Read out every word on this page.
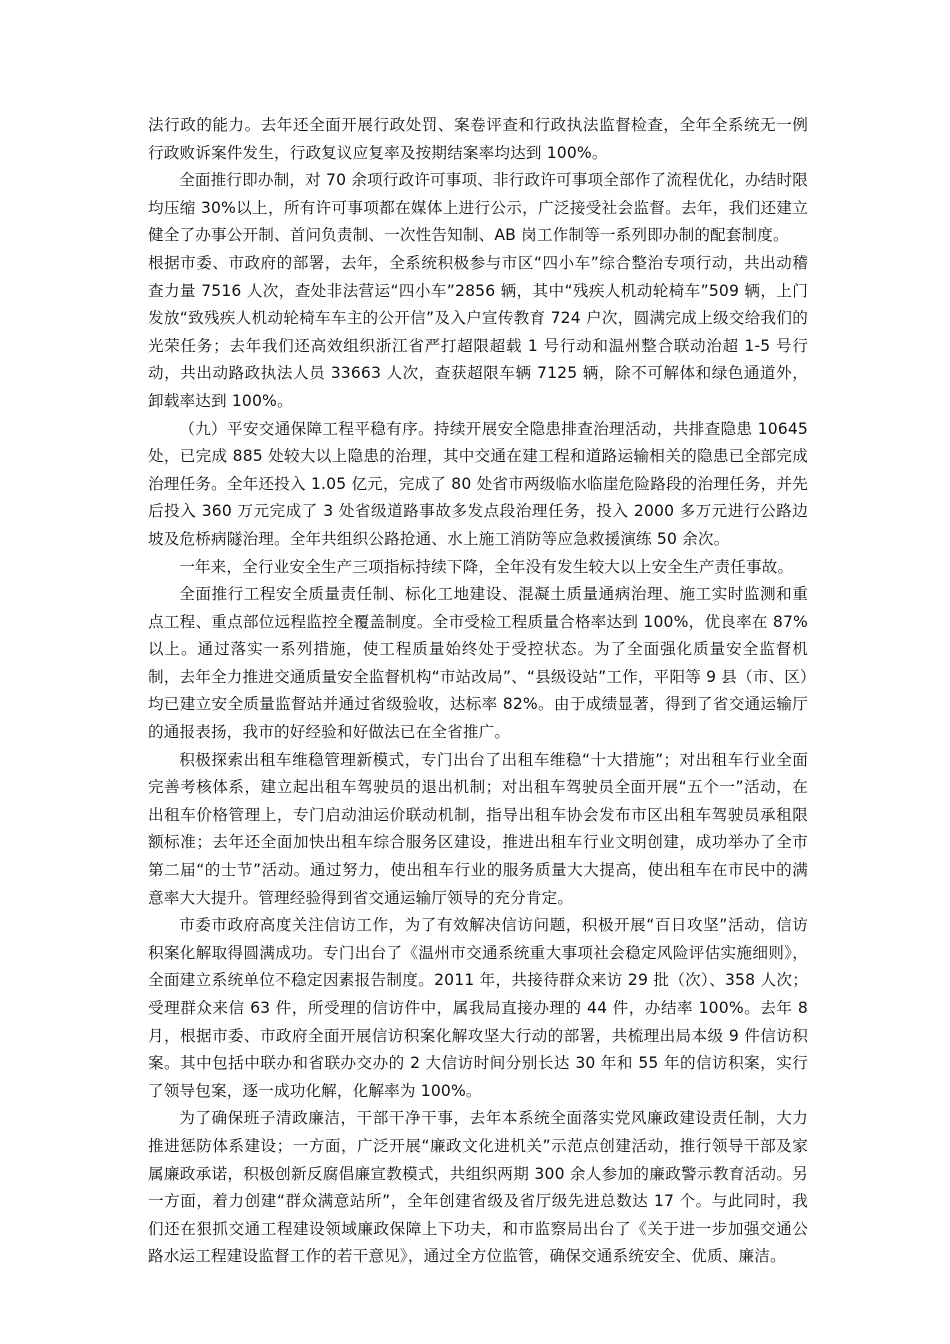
法行政的能力。去年还全面开展行政处罚、案卷评查和行政执法监督检查，全年全系统无一例行政败诉案件发生，行政复议应复率及按期结案率均达到 100%。

全面推行即办制，对 70 余项行政许可事项、非行政许可事项全部作了流程优化，办结时限均压缩 30%以上，所有许可事项都在媒体上进行公示，广泛接受社会监督。去年，我们还建立健全了办事公开制、首问负责制、一次性告知制、AB 岗工作制等一系列即办制的配套制度。

根据市委、市政府的部署，去年，全系统积极参与市区“四小车”综合整治专项行动，共出动稽查力量 7516 人次，查处非法营运“四小车”2856 辆，其中“残疾人机动轮椅车”509 辆，上门发放“致残疾人机动轮椅车车主的公开信”及入户宣传教育 724 户次，圆满完成上级交给我们的光荣任务；去年我们还高效组织浙江省严打超限超载 1 号行动和温州整合联动治超 1-5 号行动，共出动路政执法人员 33663 人次，查获超限车辆 7125 辆，除不可解体和绿色通道外，卸载率达到 100%。

（九）平安交通保障工程平稳有序。持续开展安全隐患排查治理活动，共排查隐患 10645 处，已完成 885 处较大以上隐患的治理，其中交通在建工程和道路运输相关的隐患已全部完成治理任务。全年还投入 1.05 亿元，完成了 80 处省市两级临水临崖危险路段的治理任务，并先后投入 360 万元完成了 3 处省级道路事故多发点段治理任务，投入 2000 多万元进行公路边坡及危桥病隧治理。全年共组织公路抢通、水上施工消防等应急救援演练 50 余次。

一年来，全行业安全生产三项指标持续下降，全年没有发生较大以上安全生产责任事故。

全面推行工程安全质量责任制、标化工地建设、混凝土质量通病治理、施工实时监测和重点工程、重点部位远程监控全覆盖制度。全市受检工程质量合格率达到 100%，优良率在 87%以上。通过落实一系列措施，使工程质量始终处于受控状态。为了全面强化质量安全监督机制，去年全力推进交通质量安全监督机构“市站改局”、“县级设站”工作，平阳等 9 县（市、区）均已建立安全质量监督站并通过省级验收，达标率 82%。由于成绩显著，得到了省交通运输厅的通报表扬，我市的好经验和好做法已在全省推广。

积极探索出租车维稳管理新模式，专门出台了出租车维稳“十大措施”；对出租车行业全面完善考核体系，建立起出租车驾驶员的退出机制；对出租车驾驶员全面开展“五个一”活动，在出租车价格管理上，专门启动油运价联动机制，指导出租车协会发布市区出租车驾驶员承租限额标准；去年还全面加快出租车综合服务区建设，推进出租车行业文明创建，成功举办了全市第二届“的士节”活动。通过努力，使出租车行业的服务质量大大提高，使出租车在市民中的满意率大大提升。管理经验得到省交通运输厅领导的充分肯定。

市委市政府高度关注信访工作，为了有效解决信访问题，积极开展“百日攻坚”活动，信访积案化解取得圆满成功。专门出台了《温州市交通系统重大事项社会稳定风险评估实施细则》，全面建立系统单位不稳定因素报告制度。2011 年，共接待群众来访 29 批（次）、358 人次；受理群众来信 63 件，所受理的信访件中，属我局直接办理的 44 件，办结率 100%。去年 8 月，根据市委、市政府全面开展信访积案化解攻坚大行动的部署，共梳理出局本级 9 件信访积案。其中包括中联办和省联办交办的 2 大信访时间分别长达 30 年和 55 年的信访积案，实行了领导包案，逐一成功化解，化解率为 100%。

为了确保班子清政廉洁，干部干净干事，去年本系统全面落实党风廉政建设责任制，大力推进惩防体系建设；一方面，广泛开展“廉政文化进机关”示范点创建活动，推行领导干部及家属廉政承诺，积极创新反腐倡廉宣教模式，共组织两期 300 余人参加的廉政警示教育活动。另一方面，着力创建“群众满意站所”，全年创建省级及省厅级先进总数达 17 个。与此同时，我们还在狠抓交通工程建设领域廉政保障上下功夫，和市监察局出台了《关于进一步加强交通公路水运工程建设监督工作的若干意见》，通过全方位监管，确保交通系统安全、优质、廉洁。
